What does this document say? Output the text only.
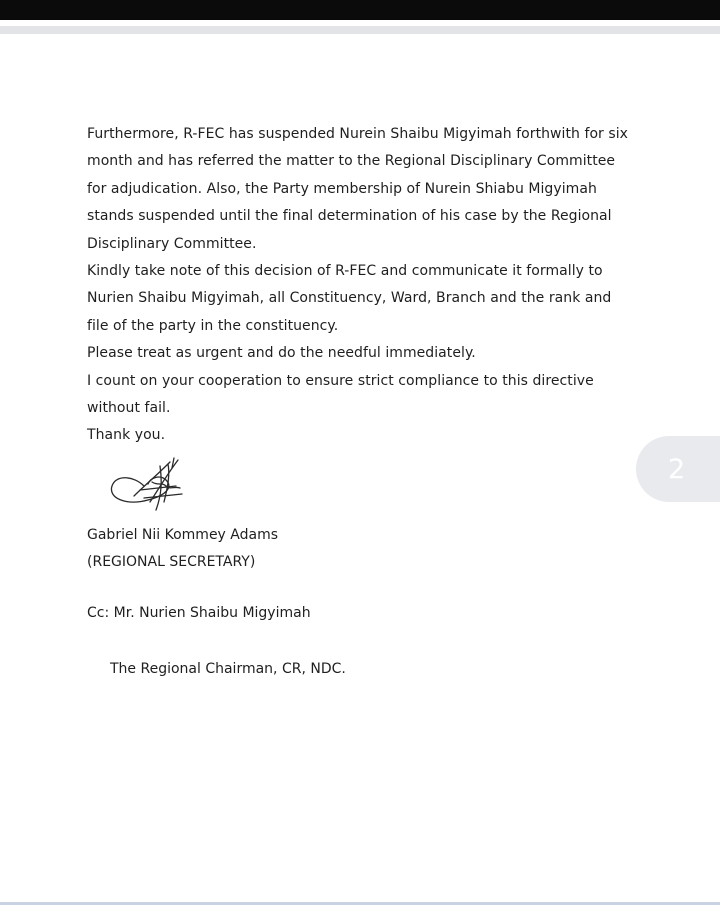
Furthermore, R-FEC has suspended Nurein Shaibu Migyimah forthwith for six
month and has referred the matter to the Regional Disciplinary Committee
for adjudication. Also, the Party membership of Nurein Shiabu Migyimah
stands suspended until the final determination of his case by the Regional
Disciplinary Committee.
Kindly take note of this decision of R-FEC and communicate it formally to
Nurien Shaibu Migyimah, all Constituency, Ward, Branch and the rank and
file of the party in the constituency.
Please treat as urgent and do the needful immediately.
I count on your cooperation to ensure strict compliance to this directive
without fail.
Thank you.
Gabriel Nii Kommey Adams
(REGIONAL SECRETARY)
Cc: Mr. Nurien Shaibu Migyimah
The Regional Chairman, CR, NDC.
2
